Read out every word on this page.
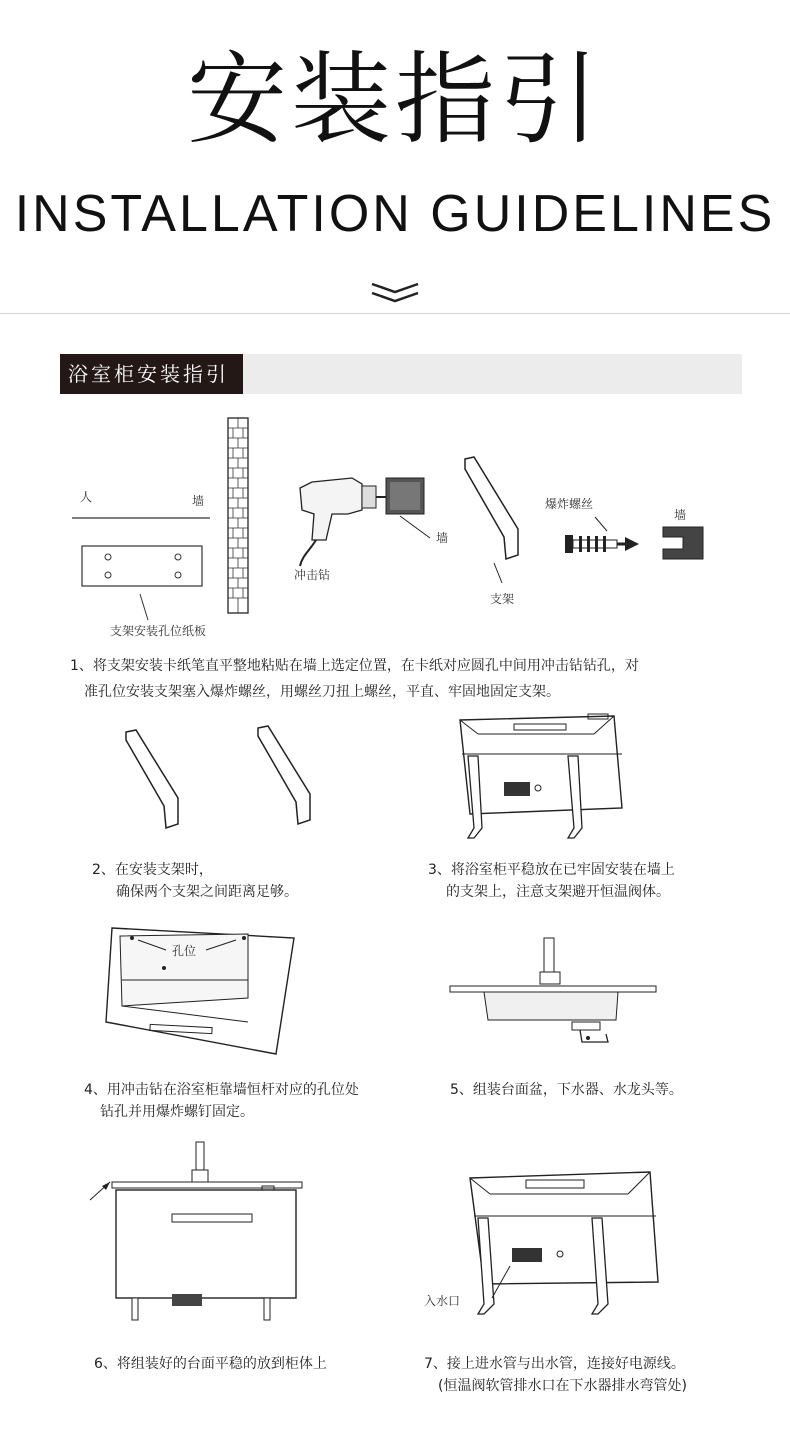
安装指引
INSTALLATION GUIDELINES
浴室柜安装指引
人	墙
支架安装孔位纸板
冲击钻
墙
支架
爆炸螺丝
墙
1、将支架安装卡纸笔直平整地粘贴在墙上选定位置，在卡纸对应圆孔中间用冲击钻钻孔，对
准孔位安装支架塞入爆炸螺丝，用螺丝刀扭上螺丝，平直、牢固地固定支架。
2、在安装支架时，
确保两个支架之间距离足够。
3、将浴室柜平稳放在已牢固安装在墙上
的支架上，注意支架避开恒温阀体。
孔位
4、用冲击钻在浴室柜靠墙恒杆对应的孔位处
钻孔并用爆炸螺钉固定。
5、组装台面盆，下水器、水龙头等。
6、将组装好的台面平稳的放到柜体上
入水口
7、接上进水管与出水管，连接好电源线。
(恒温阀软管排水口在下水器排水弯管处)
